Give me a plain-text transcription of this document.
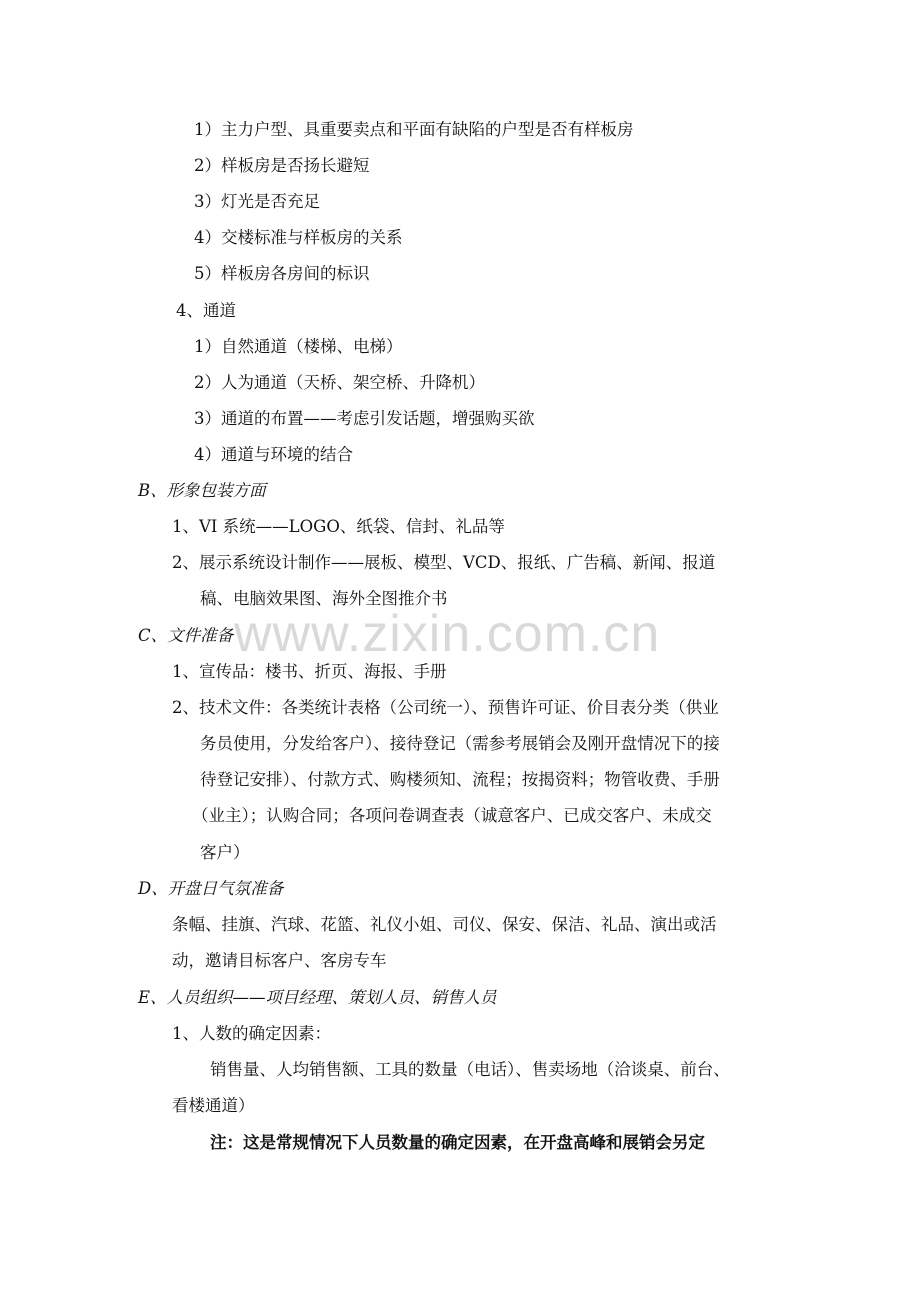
www.zixin.com.cn
1）主力户型、具重要卖点和平面有缺陷的户型是否有样板房
2）样板房是否扬长避短
3）灯光是否充足
4）交楼标准与样板房的关系
5）样板房各房间的标识
4、通道
1）自然通道（楼梯、电梯）
2）人为通道（天桥、架空桥、升降机）
3）通道的布置——考虑引发话题，增强购买欲
4）通道与环境的结合
B、形象包装方面
1、VI 系统——LOGO、纸袋、信封、礼品等
2、展示系统设计制作——展板、模型、VCD、报纸、广告稿、新闻、报道
稿、电脑效果图、海外全图推介书
C、文件准备
1、宣传品：楼书、折页、海报、手册
2、技术文件：各类统计表格（公司统一）、预售许可证、价目表分类（供业
务员使用，分发给客户）、接待登记（需参考展销会及刚开盘情况下的接
待登记安排）、付款方式、购楼须知、流程；按揭资料；物管收费、手册
（业主）；认购合同；各项问卷调查表（诚意客户、已成交客户、未成交
客户）
D、开盘日气氛准备
条幅、挂旗、汽球、花篮、礼仪小姐、司仪、保安、保洁、礼品、演出或活
动，邀请目标客户、客房专车
E、人员组织——项目经理、策划人员、销售人员
1、人数的确定因素：
销售量、人均销售额、工具的数量（电话）、售卖场地（洽谈桌、前台、
看楼通道）
注：这是常规情况下人员数量的确定因素，在开盘高峰和展销会另定
